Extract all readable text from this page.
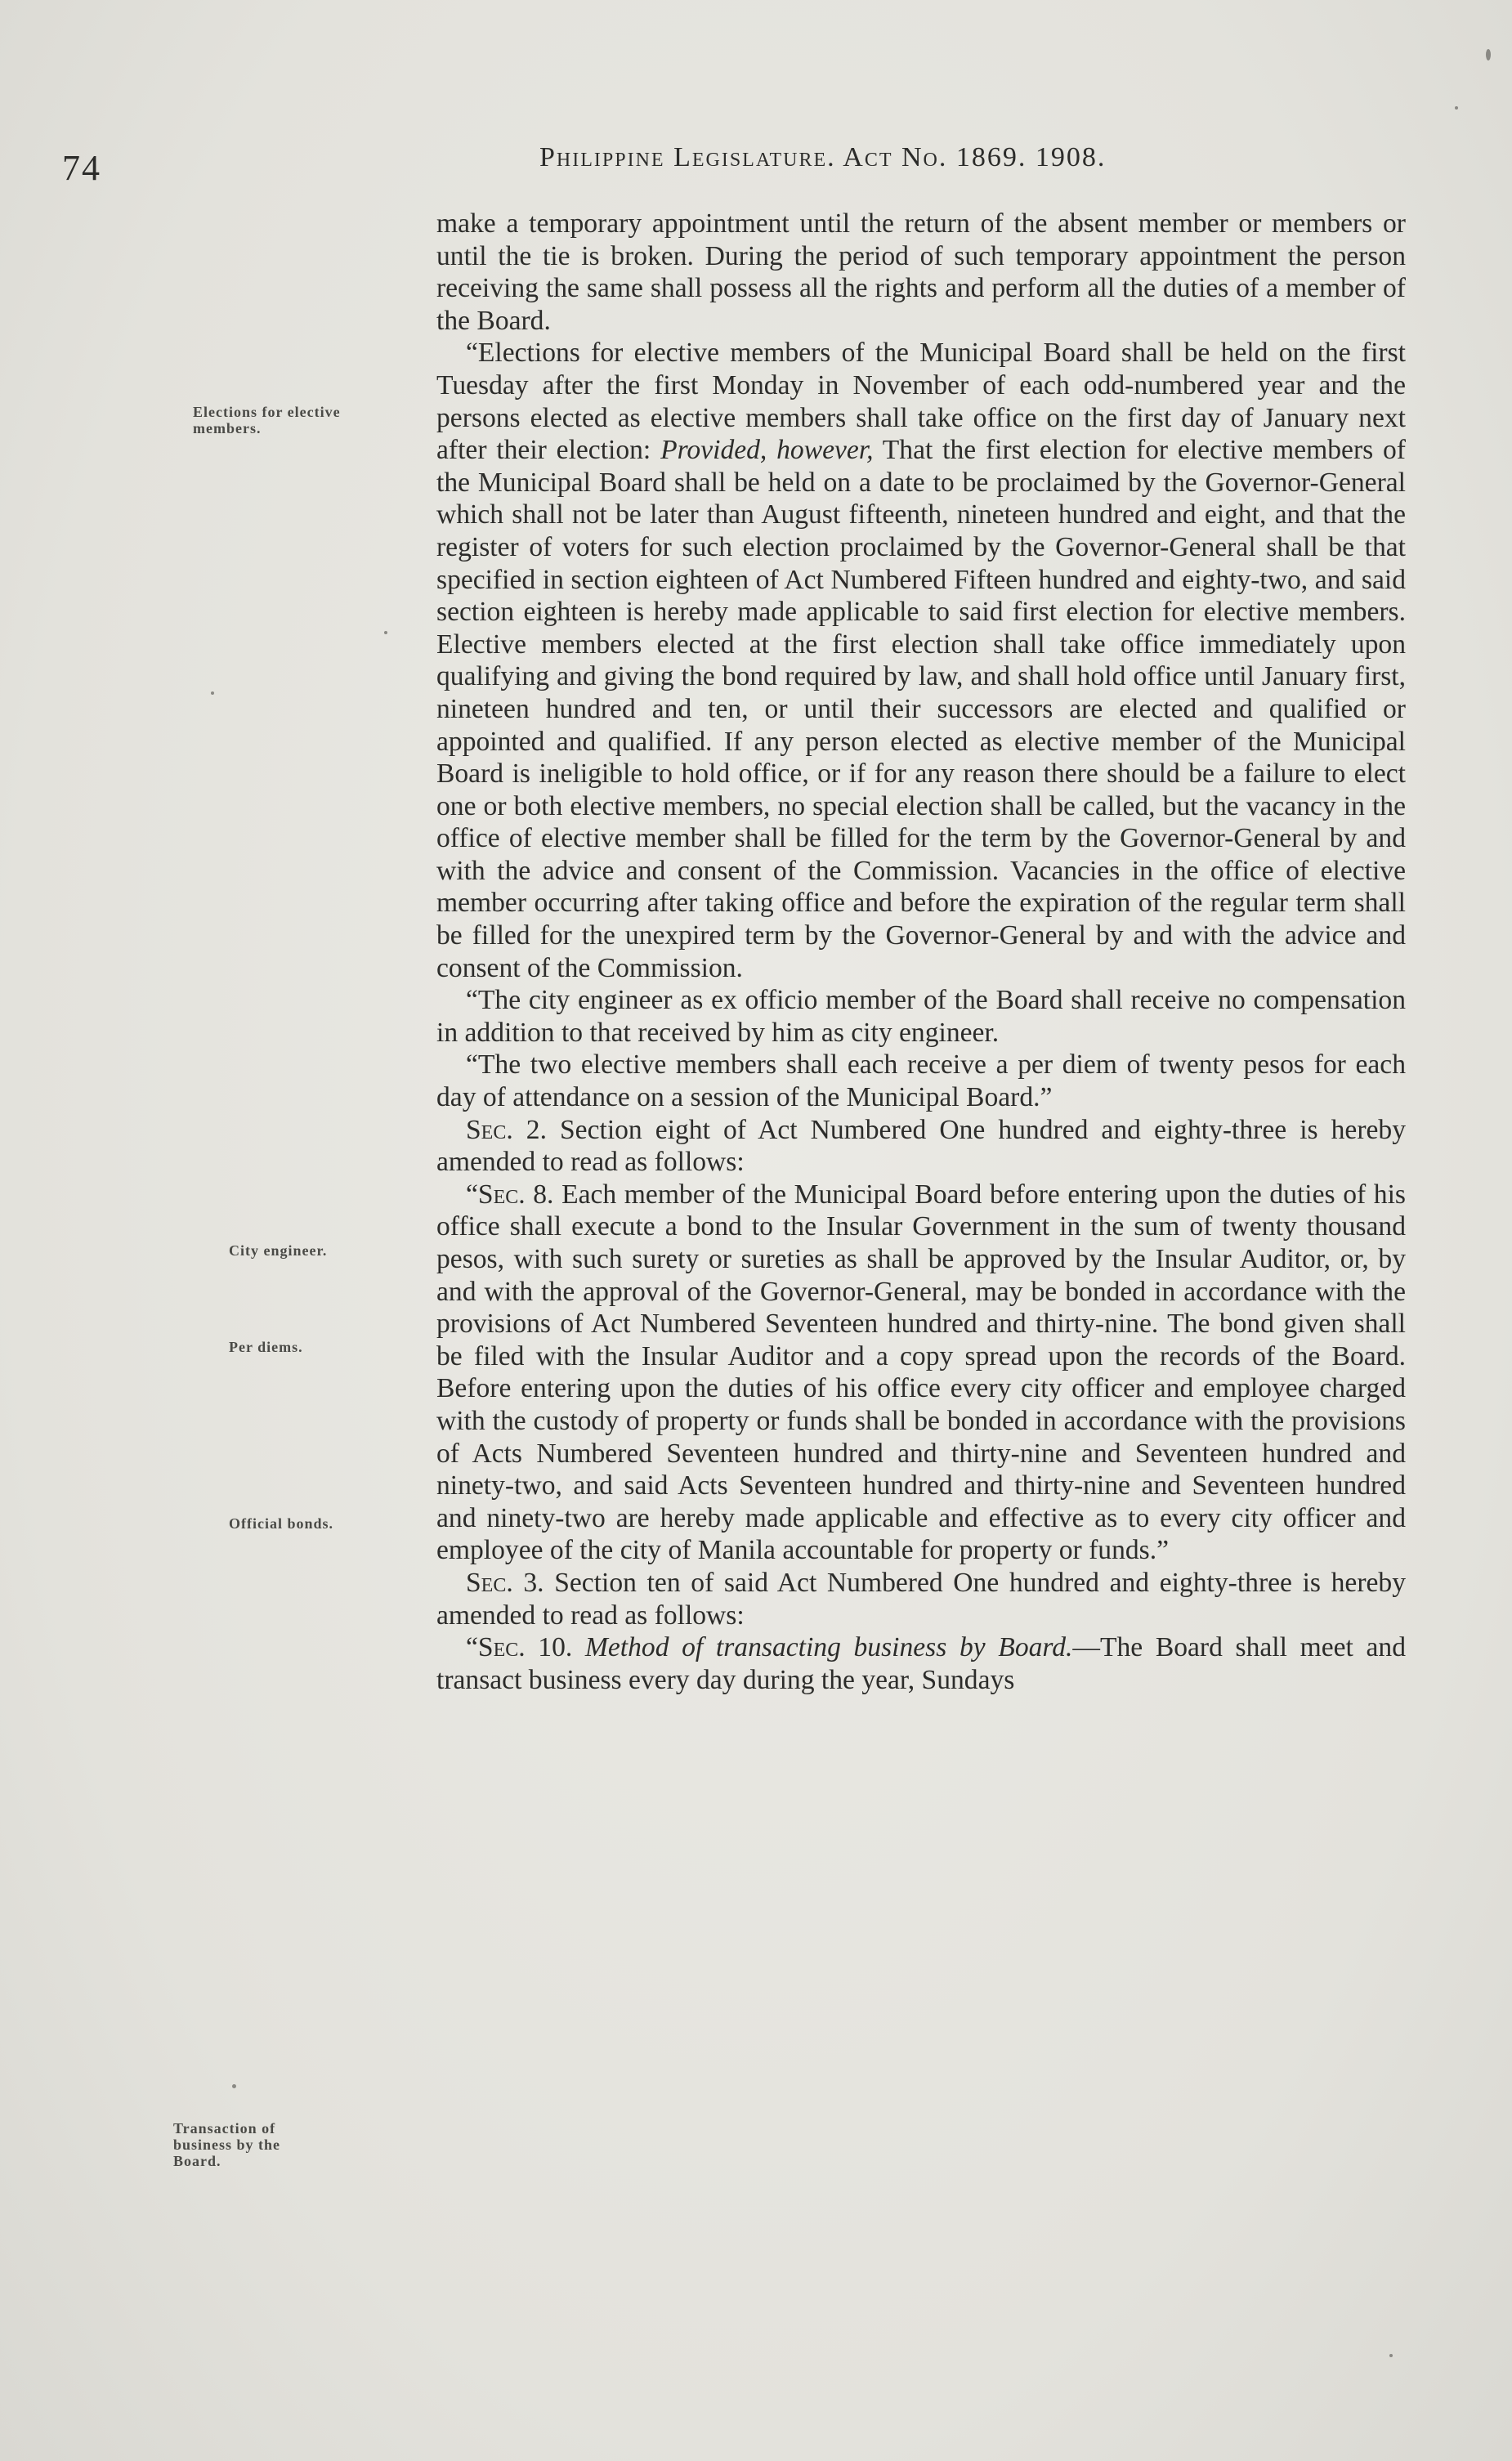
74	Philippine Legislature. Act No. 1869. 1908.
Elections for elective members.
City engineer.
Per diems.
Official bonds.
Transaction of business by the Board.

make a temporary appointment until the return of the absent member or members or until the tie is broken. During the period of such temporary appointment the person receiving the same shall possess all the rights and perform all the duties of a member of the Board.

“Elections for elective members of the Municipal Board shall be held on the first Tuesday after the first Monday in November of each odd-numbered year and the persons elected as elective members shall take office on the first day of January next after their election: Provided, however, That the first election for elective members of the Municipal Board shall be held on a date to be proclaimed by the Governor-General which shall not be later than August fifteenth, nineteen hundred and eight, and that the register of voters for such election proclaimed by the Governor-General shall be that specified in section eighteen of Act Numbered Fifteen hundred and eighty-two, and said section eighteen is hereby made applicable to said first election for elective members. Elective members elected at the first election shall take office immediately upon qualifying and giving the bond required by law, and shall hold office until January first, nineteen hundred and ten, or until their successors are elected and qualified or appointed and qualified. If any person elected as elective member of the Municipal Board is ineligible to hold office, or if for any reason there should be a failure to elect one or both elective members, no special election shall be called, but the vacancy in the office of elective member shall be filled for the term by the Governor-General by and with the advice and consent of the Commission. Vacancies in the office of elective member occurring after taking office and before the expiration of the regular term shall be filled for the unexpired term by the Governor-General by and with the advice and consent of the Commission.

“The city engineer as ex officio member of the Board shall receive no compensation in addition to that received by him as city engineer.

“The two elective members shall each receive a per diem of twenty pesos for each day of attendance on a session of the Municipal Board.”

Sec. 2. Section eight of Act Numbered One hundred and eighty-three is hereby amended to read as follows:

“Sec. 8. Each member of the Municipal Board before entering upon the duties of his office shall execute a bond to the Insular Government in the sum of twenty thousand pesos, with such surety or sureties as shall be approved by the Insular Auditor, or, by and with the approval of the Governor-General, may be bonded in accordance with the provisions of Act Numbered Seventeen hundred and thirty-nine. The bond given shall be filed with the Insular Auditor and a copy spread upon the records of the Board. Before entering upon the duties of his office every city officer and employee charged with the custody of property or funds shall be bonded in accordance with the provisions of Acts Numbered Seventeen hundred and thirty-nine and Seventeen hundred and ninety-two, and said Acts Seventeen hundred and thirty-nine and Seventeen hundred and ninety-two are hereby made applicable and effective as to every city officer and employee of the city of Manila accountable for property or funds.”

Sec. 3. Section ten of said Act Numbered One hundred and eighty-three is hereby amended to read as follows:

“Sec. 10. Method of transacting business by Board.—The Board shall meet and transact business every day during the year, Sundays
